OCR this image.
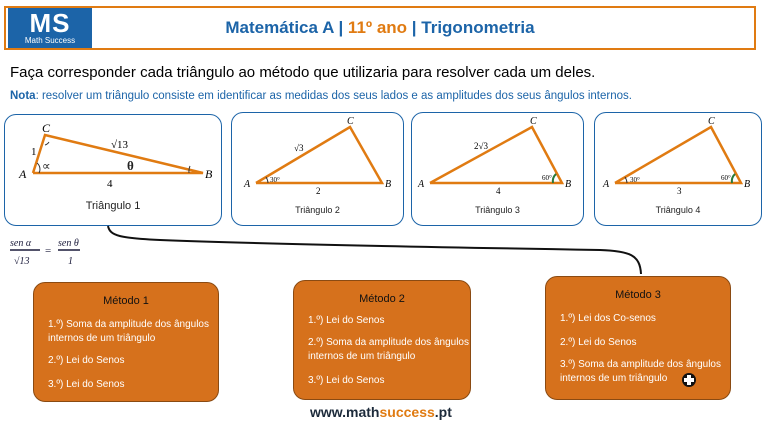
MS
Math Success
Matemática A | 11º ano | Trigonometria
Faça corresponder cada triângulo ao método que utilizaria para resolver cada um deles.
Nota: resolver um triângulo consiste em identificar as medidas dos seus lados e as amplitudes dos seus ângulos internos.
A	B
C
1
√13
4
∝	θ
Triângulo 1
A	B
C
√3
2
30°
Triângulo 2
A	B
C
2√3
4
60°
Triângulo 3
A	B
C
3
30°	60°
Triângulo 4
sen α
√13
=
sen θ
1
Método 1
1.º) Soma da amplitude dos ângulos
internos de um triângulo
2.º) Lei do Senos
3.º) Lei do Senos
Método 2
1.º) Lei do Senos
2.º) Soma da amplitude dos ângulos
internos de um triângulo
3.º) Lei do Senos
Método 3
1.º) Lei dos Co-senos
2.º) Lei do Senos
3.º) Soma da amplitude dos ângulos
internos de um triângulo
www.mathsuccess.pt
